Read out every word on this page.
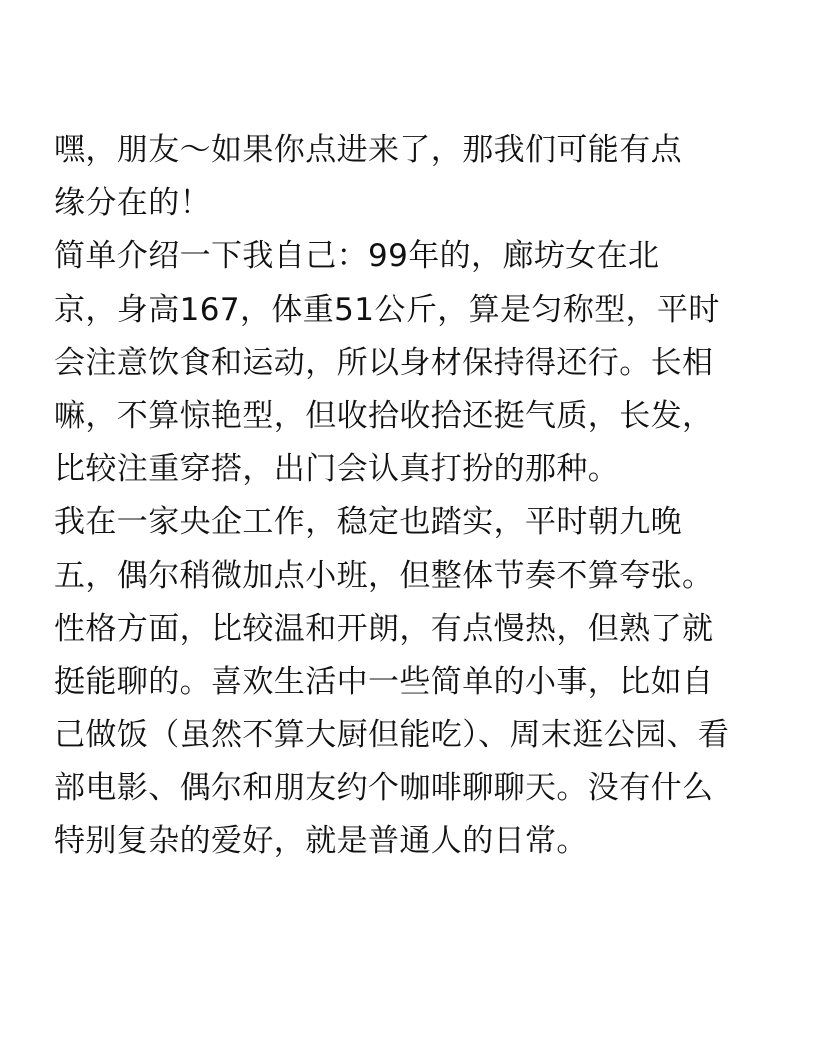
嘿，朋友～如果你点进来了，那我们可能有点
缘分在的！
简单介绍一下我自己：99年的，廊坊女在北
京，身高167，体重51公斤，算是匀称型，平时
会注意饮食和运动，所以身材保持得还行。长相
嘛，不算惊艳型，但收拾收拾还挺气质，长发，
比较注重穿搭，出门会认真打扮的那种。
我在一家央企工作，稳定也踏实，平时朝九晚
五，偶尔稍微加点小班，但整体节奏不算夸张。
性格方面，比较温和开朗，有点慢热，但熟了就
挺能聊的。喜欢生活中一些简单的小事，比如自
己做饭（虽然不算大厨但能吃）、周末逛公园、看
部电影、偶尔和朋友约个咖啡聊聊天。没有什么
特别复杂的爱好，就是普通人的日常。
